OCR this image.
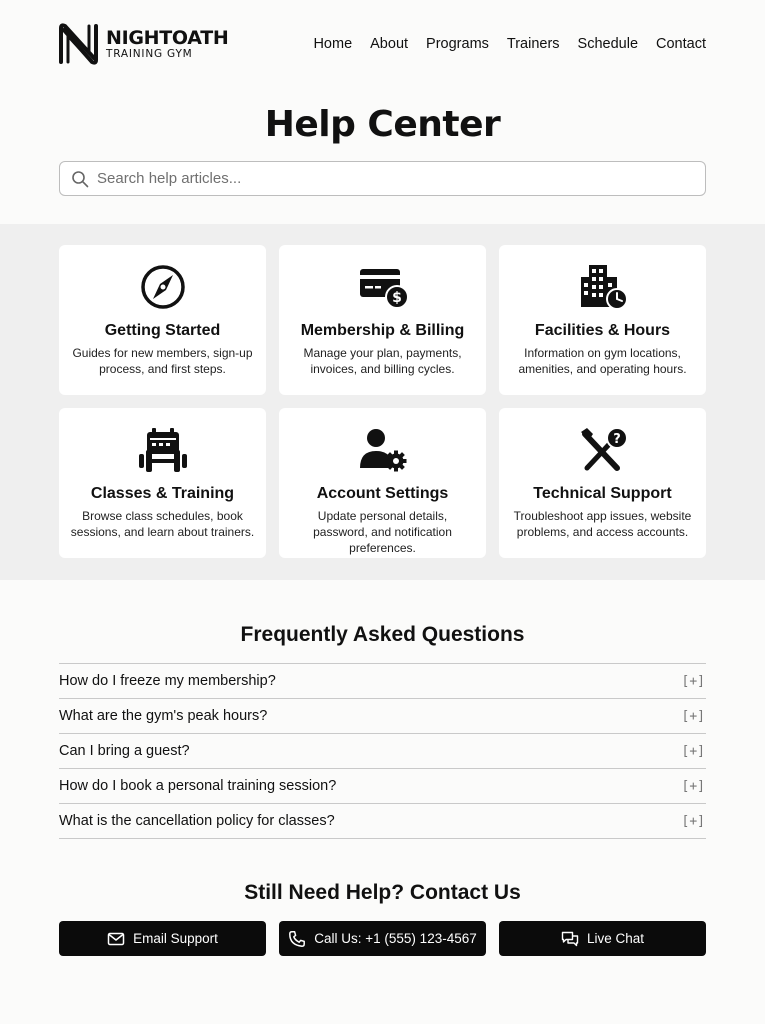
NIGHTOATH
TRAINING GYM
Home About Programs Trainers Schedule Contact
Help Center
Search help articles...
Getting Started
Guides for new members, sign-up process, and first steps.
$
Membership & Billing
Manage your plan, payments, invoices, and billing cycles.
Facilities & Hours
Information on gym locations, amenities, and operating hours.
Classes & Training
Browse class schedules, book sessions, and learn about trainers.
Account Settings
Update personal details, password, and notification preferences.
?
Technical Support
Troubleshoot app issues, website problems, and access accounts.
Frequently Asked Questions
How do I freeze my membership?	[+]
What are the gym's peak hours?	[+]
Can I bring a guest?	[+]
How do I book a personal training session?	[+]
What is the cancellation policy for classes?	[+]
Still Need Help? Contact Us
Email Support	Call Us: +1 (555) 123-4567	Live Chat
